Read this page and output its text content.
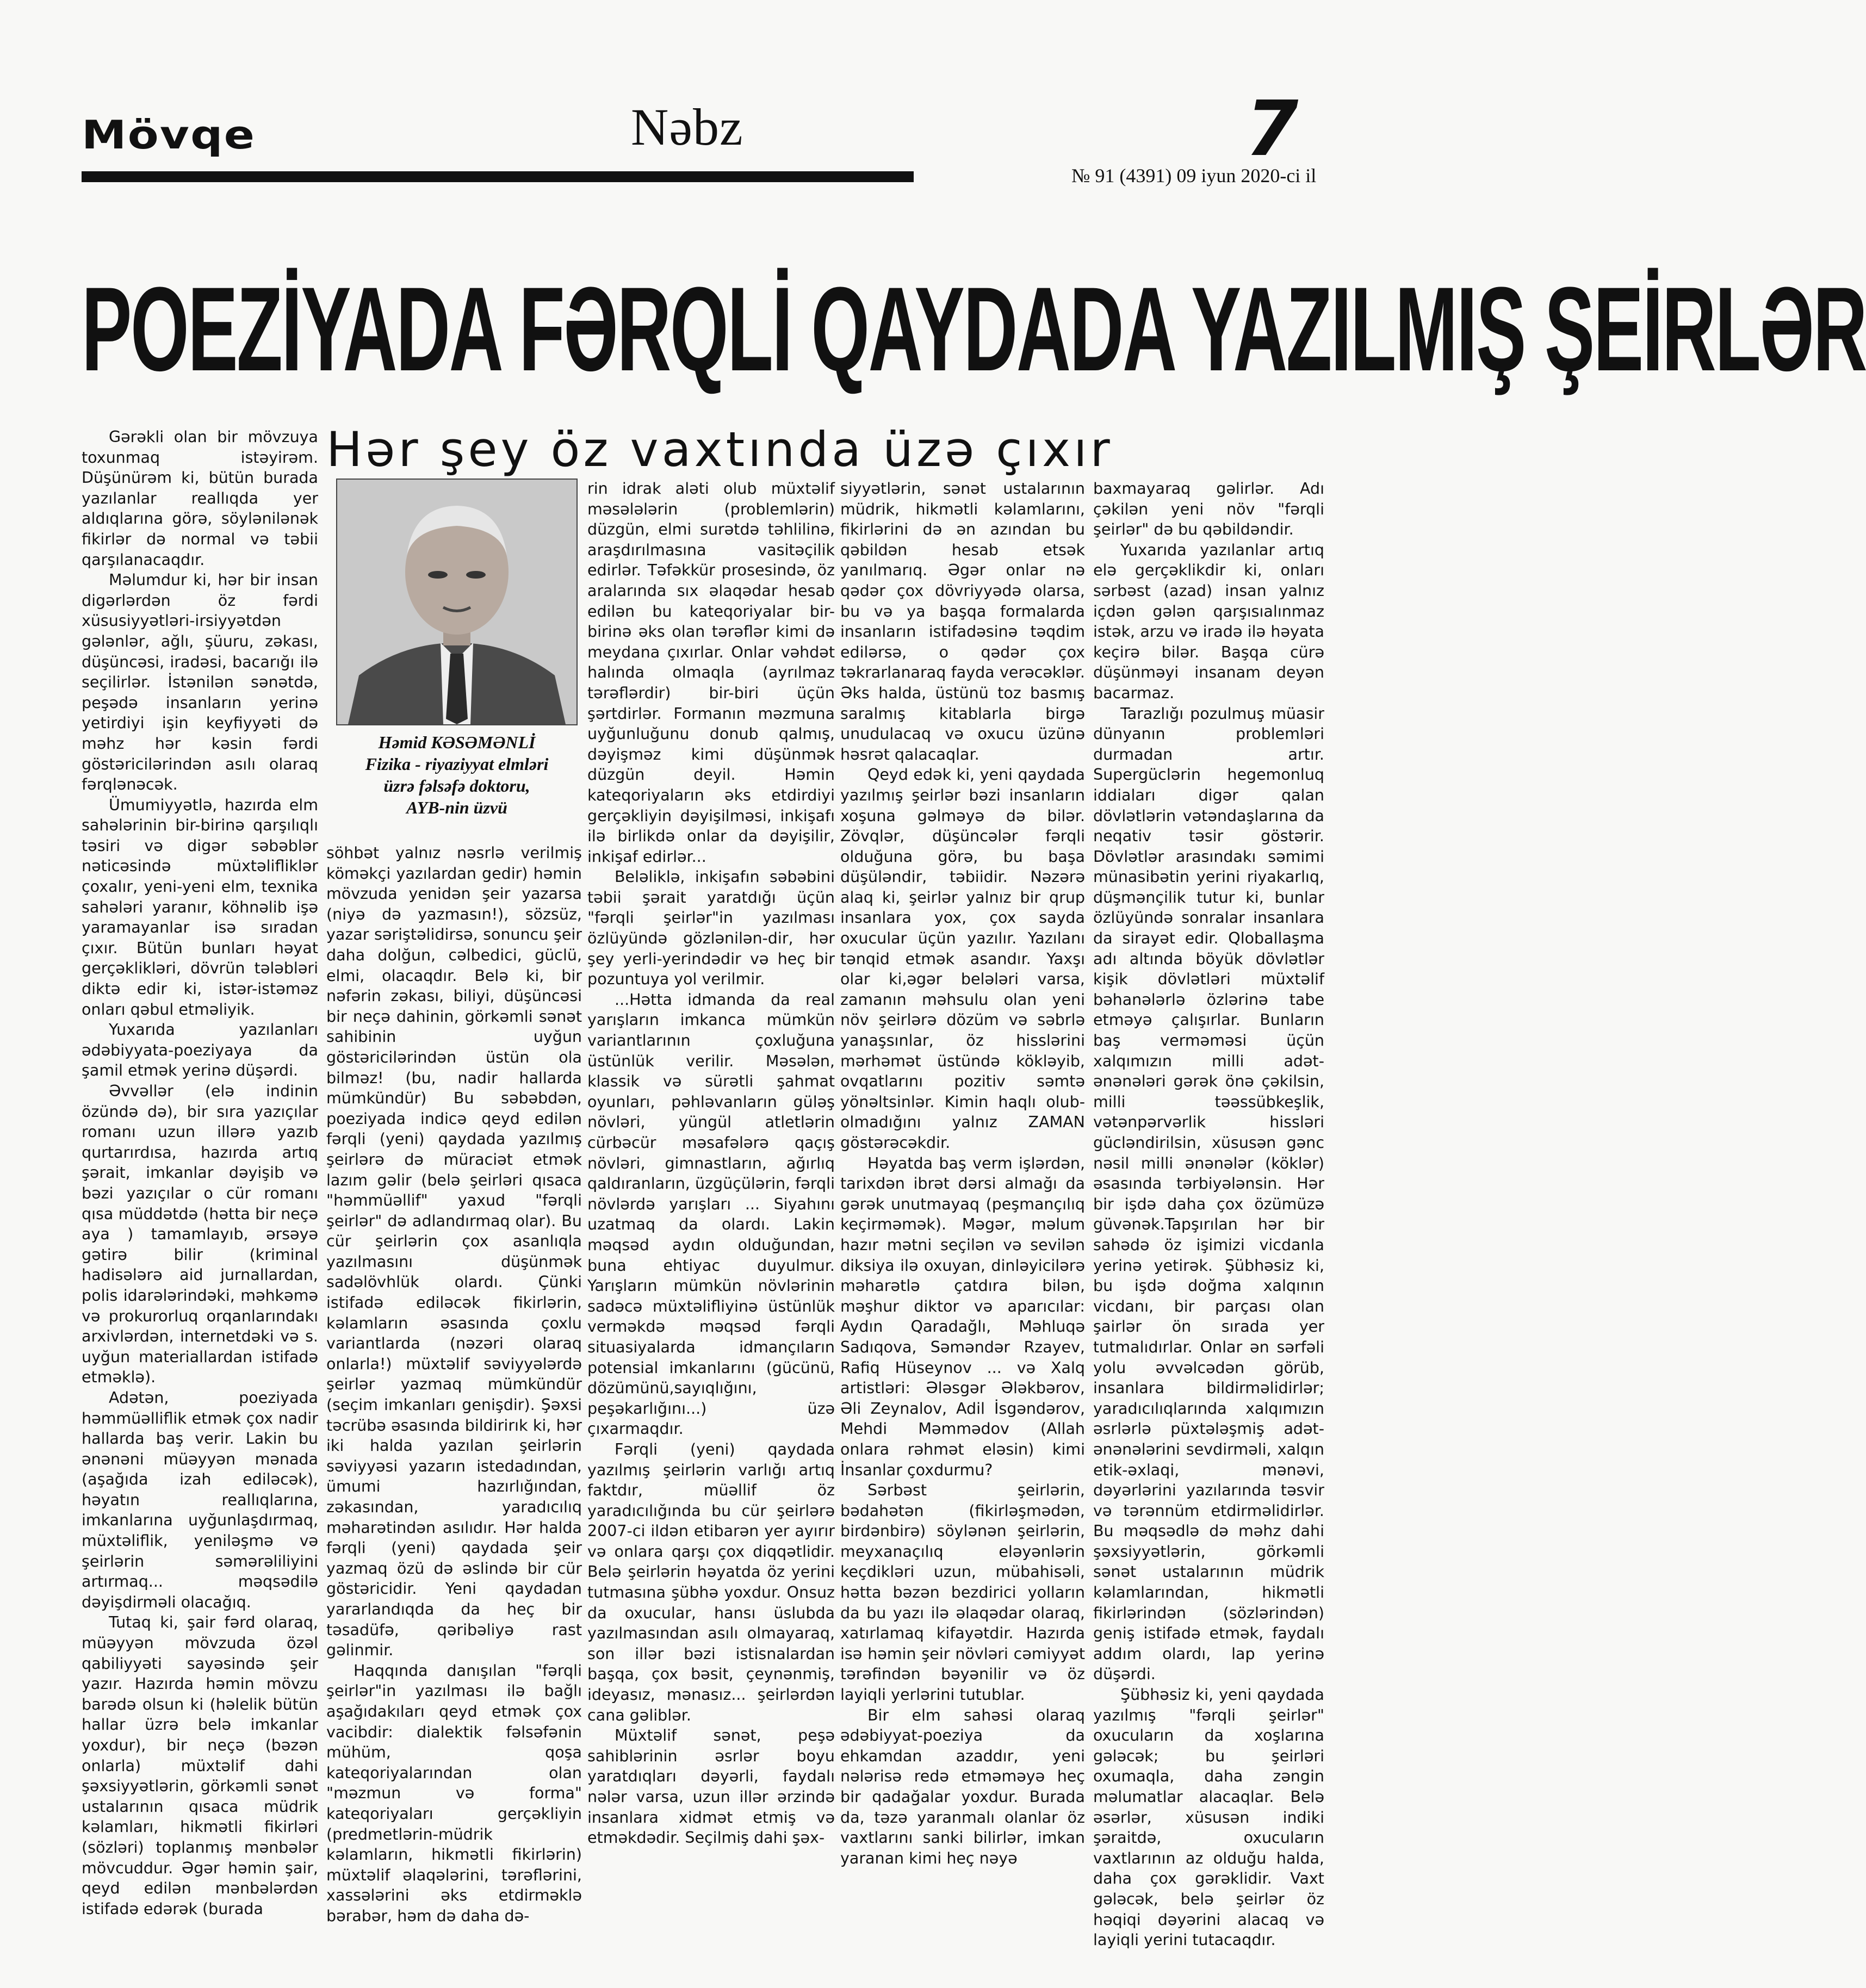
Mövqe	Nəbz	7
№ 91 (4391) 09 iyun 2020-ci il
POEZİYADA FƏRQLİ QAYDADA YAZILMIŞ ŞEİRLƏR
Hər şey öz vaxtında üzə çıxır

Gərəkli olan bir mövzuya toxunmaq istəyirəm. Düşünürəm ki, bütün burada yazılanlar reallıqda yer aldıqlarına görə, söylənilənək fikirlər də normal və təbii qarşılanacaqdır.

Məlumdur ki, hər bir insan digərlərdən öz fərdi xüsusiyyətləri-irsiyyətdən gələnlər, ağlı, şüuru, zəkası, düşüncəsi, iradəsi, bacarığı ilə seçilirlər. İstənilən sənətdə, peşədə insanların yerinə yetirdiyi işin keyfiyyəti də məhz hər kəsin fərdi göstəricilərindən asılı olaraq fərqlənəcək.

Ümumiyyətlə, hazırda elm sahələrinin bir-birinə qarşılıqlı təsiri və digər səbəblər nəticəsində müxtəlifliklər çoxalır, yeni-yeni elm, texnika sahələri yaranır, köhnəlib işə yaramayanlar isə sıradan çıxır. Bütün bunları həyat gerçəklikləri, dövrün tələbləri diktə edir ki, istər-istəməz onları qəbul etməliyik.

Yuxarıda yazılanları ədəbiyyata-poeziyaya da şamil etmək yerinə düşərdi.

Əvvəllər (elə indinin özündə də), bir sıra yazıçılar romanı uzun illərə yazıb qurtarırdısa, hazırda artıq şərait, imkanlar dəyişib və bəzi yazıçılar o cür romanı qısa müddətdə (hətta bir neçə aya ) tamamlayıb, ərsəyə gətirə bilir (kriminal hadisələrə aid jurnallardan, polis idarələrindəki, məhkəmə və prokurorluq orqanlarındakı arxivlərdən, internetdəki və s. uyğun materiallardan istifadə etməklə).

Adətən, poeziyada həmmüəlliflik etmək çox nadir hallarda baş verir. Lakin bu ənənəni müəyyən mənada (aşağıda izah ediləcək), həyatın reallıqlarına, imkanlarına uyğunlaşdırmaq, müxtəliflik, yeniləşmə və şeirlərin səmərəliliyini artırmaq... məqsədilə dəyişdirməli olacağıq.

Tutaq ki, şair fərd olaraq, müəyyən mövzuda özəl qabiliyyəti sayəsində şeir yazır. Hazırda həmin mövzu barədə olsun ki (həlelik bütün hallar üzrə belə imkanlar yoxdur), bir neçə (bəzən onlarla) müxtəlif dahi şəxsiyyətlərin, görkəmli sənət ustalarının qısaca müdrik kəlamları, hikmətli fikirləri (sözləri) toplanmış mənbələr mövcuddur. Əgər həmin şair, qeyd edilən mənbələrdən istifadə edərək (burada

Həmid KƏSƏMƏNLİ
Fizika - riyaziyyat elmləri
üzrə fəlsəfə doktoru,
AYB-nin üzvü

söhbət yalnız nəsrlə verilmiş köməkçi yazılardan gedir) həmin mövzuda yenidən şeir yazarsa (niyə də yazmasın!), sözsüz, yazar səriştəlidirsə, sonuncu şeir daha dolğun, cəlbedici, güclü, elmi, olacaqdır. Belə ki, bir nəfərin zəkası, biliyi, düşüncəsi bir neçə dahinin, görkəmli sənət sahibinin uyğun göstəricilərindən üstün ola bilməz! (bu, nadir hallarda mümkündür) Bu səbəbdən, poeziyada indicə qeyd edilən fərqli (yeni) qaydada yazılmış şeirlərə də müraciət etmək lazım gəlir (belə şeirləri qısaca "həmmüəllif" yaxud "fərqli şeirlər" də adlandırmaq olar). Bu cür şeirlərin çox asanlıqla yazılmasını düşünmək sadəlövhlük olardı. Çünki istifadə ediləcək fikirlərin, kəlamların əsasında çoxlu variantlarda (nəzəri olaraq onlarla!) müxtəlif səviyyələrdə şeirlər yazmaq mümkündür (seçim imkanları genişdir). Şəxsi təcrübə əsasında bildirirık ki, hər iki halda yazılan şeirlərin səviyyəsi yazarın istedadından, ümumi hazırlığından, zəkasından, yaradıcılıq məharətindən asılıdır. Hər halda fərqli (yeni) qaydada şeir yazmaq özü də əslində bir cür göstəricidir. Yeni qaydadan yararlandıqda da heç bir təsadüfə, qəribəliyə rast gəlinmir.

Haqqında danışılan "fərqli şeirlər"in yazılması ilə bağlı aşağıdakıları qeyd etmək çox vacibdir: dialektik fəlsəfənin mühüm, qoşa kateqoriyalarından olan "məzmun və forma" kateqoriyaları gerçəkliyin (predmetlərin-müdrik kəlamların, hikmətli fikirlərin) müxtəlif əlaqələrini, tərəflərini, xassələrini əks etdirməklə bərabər, həm də daha də-

rin idrak aləti olub müxtəlif məsələlərin (problemlərin) düzgün, elmi surətdə təhlilinə, araşdırılmasına vasitəçilik edirlər. Təfəkkür prosesində, öz aralarında sıx əlaqədar hesab edilən bu kateqoriyalar bir-birinə əks olan tərəflər kimi də meydana çıxırlar. Onlar vəhdət halında olmaqla (ayrılmaz tərəflərdir) bir-biri üçün şərtdirlər. Formanın məzmuna uyğunluğunu donub qalmış, dəyişməz kimi düşünmək düzgün deyil. Həmin kateqoriyaların əks etdirdiyi gerçəkliyin dəyişilməsi, inkişafı ilə birlikdə onlar da dəyişilir, inkişaf edirlər...

Beləliklə, inkişafın səbəbini təbii şərait yaratdığı üçün "fərqli şeirlər"in yazılması özlüyündə gözlənilən-dir, hər şey yerli-yerindədir və heç bir pozuntuya yol verilmir.

...Hətta idmanda da real yarışların imkanca mümkün variantlarının çoxluğuna üstünlük verilir. Məsələn, klassik və sürətli şahmat oyunları, pəhləvanların güləş növləri, yüngül atletlərin cürbəcür məsafələrə qaçış növləri, gimnastların, ağırlıq qaldıranların, üzgüçülərin, fərqli növlərdə yarışları ... Siyahını uzatmaq da olardı. Lakin məqsəd aydın olduğundan, buna ehtiyac duyulmur. Yarışların mümkün növlərinin sadəcə müxtəlifliyinə üstünlük verməkdə məqsəd fərqli situasiyalarda idmançıların potensial imkanlarını (gücünü, dözümünü,sayıqlığını, peşəkarlığını...) üzə çıxarmaqdır.

Fərqli (yeni) qaydada yazılmış şeirlərin varlığı artıq faktdır, müəllif öz yaradıcılığında bu cür şeirlərə 2007-ci ildən etibarən yer ayırır və onlara qarşı çox diqqətlidir. Belə şeirlərin həyatda öz yerini tutmasına şübhə yoxdur. Onsuz da oxucular, hansı üslubda yazılmasından asılı olmayaraq, son illər bəzi istisnalardan başqa, çox bəsit, çeynənmiş, ideyasız, mənasız... şeirlərdən cana gəliblər.

Müxtəlif sənət, peşə sahiblərinin əsrlər boyu yaratdıqları dəyərli, faydalı nələr varsa, uzun illər ərzində insanlara xidmət etmiş və etməkdədir. Seçilmiş dahi şəx-

siyyətlərin, sənət ustalarının müdrik, hikmətli kəlamlarını, fikirlərini də ən azından bu qəbildən hesab etsək yanılmarıq. Əgər onlar nə qədər çox dövriyyədə olarsa, bu və ya başqa formalarda insanların istifadəsinə təqdim edilərsə, o qədər çox təkrarlanaraq fayda verəcəklər. Əks halda, üstünü toz basmış saralmış kitablarla birgə unudulacaq və oxucu üzünə həsrət qalacaqlar.

Qeyd edək ki, yeni qaydada yazılmış şeirlər bəzi insanların xoşuna gəlməyə də bilər. Zövqlər, düşüncələr fərqli olduğuna görə, bu başa düşüləndir, təbiidir. Nəzərə alaq ki, şeirlər yalnız bir qrup insanlara yox, çox saydа oxucular üçün yazılır. Yazılanı tənqid etmək asandır. Yaxşı olar ki,əgər belələri varsa, zamanın məhsulu olan yeni növ şeirlərə dözüm və səbrlə yanaşsınlar, öz hisslərini mərhəmət üstündə kökləyib, ovqatlarını pozitiv səmtə yönəltsinlər. Kimin haqlı olub-olmadığını yalnız ZAMAN göstərəcəkdir.

Həyatda baş verm işlərdən, tarixdən ibrət dərsi almağı da gərək unutmayaq (peşmançılıq keçirməmək). Məgər, məlum hazır mətni seçilən və sevilən diksiya ilə oxuyan, dinləyicilərə məharətlə çatdıra bilən, məşhur diktor və aparıcılar: Aydın Qaradağlı, Məhluqə Sadıqova, Səməndər Rzayev, Rafiq Hüseynov ... və Xalq artistləri: Ələsgər Ələkbərov, Əli Zeynalov, Adil İsgəndərov, Mehdi Məmmədov (Allah onlara rəhmət eləsin) kimi İnsanlar çoxdurmu?

Sərbəst şeirlərin, bədahətən (fikirləşmədən, birdənbirə) söylənən şeirlərin, meyxanaçılıq eləyənlərin keçdikləri uzun, mübahisəli, hətta bəzən bezdirici yolların da bu yazı ilə əlaqədar olaraq, xatırlamaq kifayətdir. Hazırda isə həmin şeir növləri cəmiyyət tərəfindən bəyənilir və öz layiqli yerlərini tutublar.

Bir elm sahəsi olaraq ədəbiyyat-poeziya da ehkamdan azaddır, yeni nələrisə redə etməməyə heç bir qadağalar yoxdur. Burada da, təzə yaranmalı olanlar öz vaxtlarını sanki bilirlər, imkan yaranan kimi heç nəyə

baxmayaraq gəlirlər. Adı çəkilən yeni növ "fərqli şeirlər" də bu qəbildəndir.

Yuxarıda yazılanlar artıq elə gerçəklikdir ki, onları sərbəst (azad) insan yalnız içdən gələn qarşısıalınmaz istək, arzu və iradə ilə həyata keçirə bilər. Başqa cürə düşünməyi insanam deyən bacarmaz.

Tarazlığı pozulmuş müasir dünyanın problemləri durmadan artır. Supergüclərin hegemonluq iddiaları digər qalan dövlətlərin vətəndaşlarına da neqativ təsir göstərir. Dövlətlər arasındakı səmimi münasibətin yerini riyakarlıq, düşmənçilik tutur ki, bunlar özlüyündə sonralar insanlara da sirayət edir. Qloballaşma adı altında böyük dövlətlər kişik dövlətləri müxtəlif bəhanələrlə özlərinə tabe etməyə çalışırlar. Bunların baş verməməsi üçün xalqımızın milli adət-ənənələri gərək önə çəkilsin, milli təəssübkeşlik, vətənpərvərlik hissləri gücləndirilsin, xüsusən gənc nəsil milli ənənələr (köklər) əsasında tərbiyələnsin. Hər bir işdə daha çox özümüzə güvənək.Tapşırılan hər bir sahədə öz işimizi vicdanla yerinə yetirək. Şübhəsiz ki, bu işdə doğma xalqının vicdanı, bir parçası olan şairlər ön sırada yer tutmalıdırlar. Onlar ən sərfəli yolu əvvəlcədən görüb, insanlara bildirməlidirlər; yaradıcılıqlarında xalqımızın əsrlərlə püxtələşmiş adət-ənənələrini sevdirməli, xalqın etik-əxlaqi, mənəvi, dəyərlərini yazılarında təsvir və tərənnüm etdirməlidirlər. Bu məqsədlə də məhz dahi şəxsiyyətlərin, görkəmli sənət ustalarının müdrik kəlamlarından, hikmətli fikirlərindən (sözlərindən) geniş istifadə etmək, faydalı addım olardı, lap yerinə düşərdi.

Şübhəsiz ki, yeni qaydada yazılmış "fərqli şeirlər" oxucuların da xoşlarına gələcək; bu şeirləri oxumaqla, daha zəngin məlumatlar alacaqlar. Belə əsərlər, xüsusən indiki şəraitdə, oxucuların vaxtlarının az olduğu halda, daha çox gərəklidir. Vaxt gələcək, belə şeirlər öz həqiqi dəyərini alacaq və layiqli yerini tutacaqdır.
